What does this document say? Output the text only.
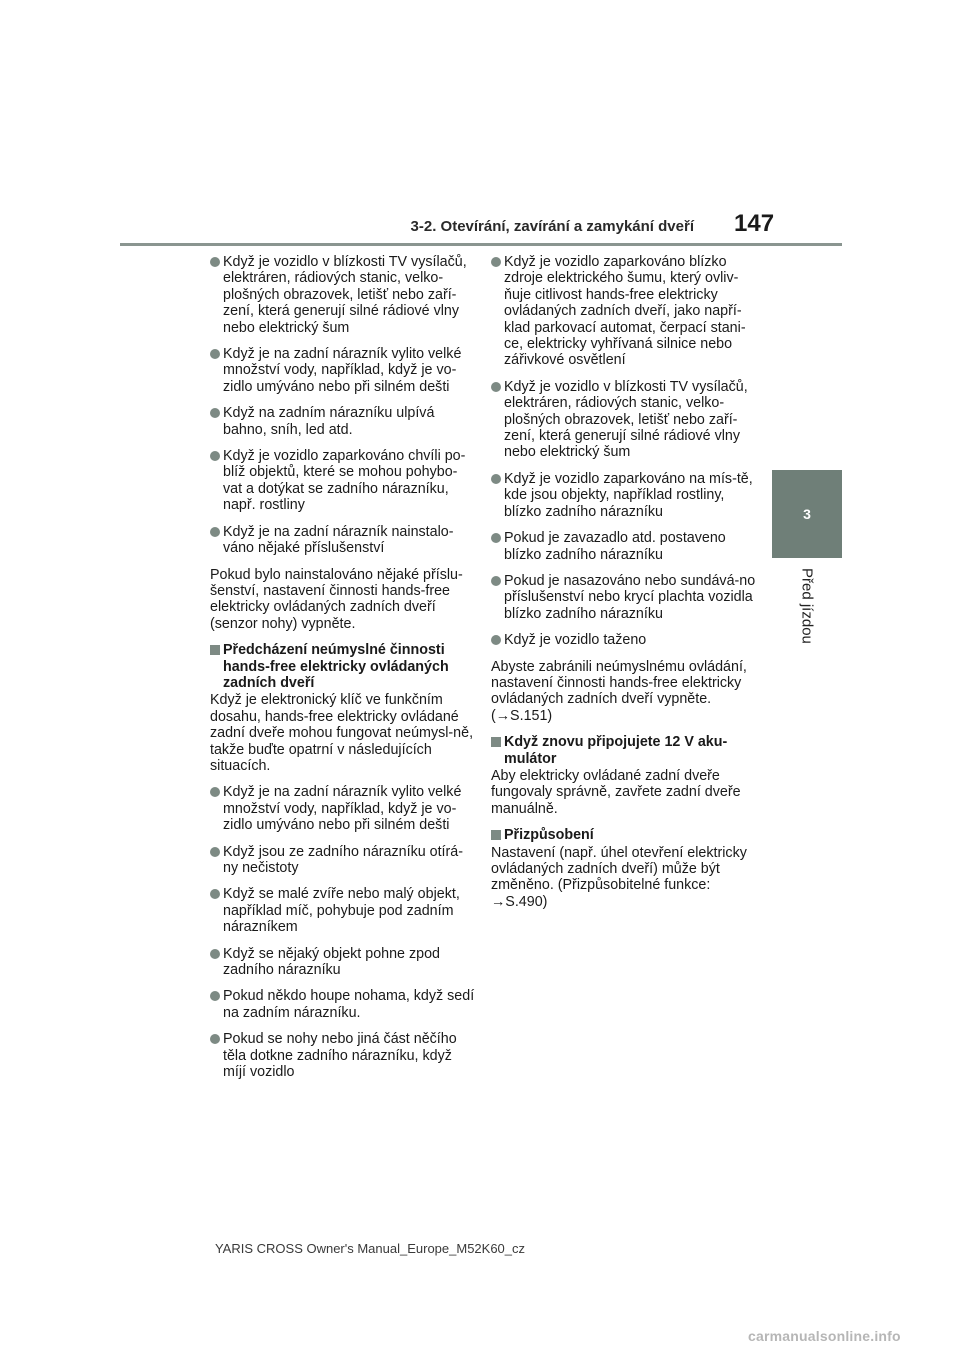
3-2. Otevírání, zavírání a zamykání dveří 147
3
Před jízdou
Když je vozidlo v blízkosti TV vysílačů, elektráren, rádiových stanic, velko-plošných obrazovek, letišť nebo zaří-zení, která generují silné rádiové vlny nebo elektrický šum
Když je na zadní nárazník vylito velké množství vody, například, když je vo-zidlo umýváno nebo při silném dešti
Když na zadním nárazníku ulpívá bahno, sníh, led atd.
Když je vozidlo zaparkováno chvíli po-blíž objektů, které se mohou pohybo-vat a dotýkat se zadního nárazníku, např. rostliny
Když je na zadní nárazník nainstalo-váno nějaké příslušenství
Pokud bylo nainstalováno nějaké příslu-šenství, nastavení činnosti hands-free elektricky ovládaných zadních dveří (senzor nohy) vypněte.
Předcházení neúmyslné činnosti hands-free elektricky ovládaných zadních dveří
Když je elektronický klíč ve funkčním dosahu, hands-free elektricky ovládané zadní dveře mohou fungovat neúmysl-ně, takže buďte opatrní v následujících situacích.
Když je na zadní nárazník vylito velké množství vody, například, když je vo-zidlo umýváno nebo při silném dešti
Když jsou ze zadního nárazníku otírá-ny nečistoty
Když se malé zvíře nebo malý objekt, například míč, pohybuje pod zadním nárazníkem
Když se nějaký objekt pohne zpod zadního nárazníku
Pokud někdo houpe nohama, když sedí na zadním nárazníku.
Pokud se nohy nebo jiná část něčího těla dotkne zadního nárazníku, když míjí vozidlo
Když je vozidlo zaparkováno blízko zdroje elektrického šumu, který ovliv-ňuje citlivost hands-free elektricky ovládaných zadních dveří, jako napří-klad parkovací automat, čerpací stani-ce, elektricky vyhřívaná silnice nebo zářivkové osvětlení
Když je vozidlo v blízkosti TV vysílačů, elektráren, rádiových stanic, velko-plošných obrazovek, letišť nebo zaří-zení, která generují silné rádiové vlny nebo elektrický šum
Když je vozidlo zaparkováno na mís-tě, kde jsou objekty, například rostliny, blízko zadního nárazníku
Pokud je zavazadlo atd. postaveno blízko zadního nárazníku
Pokud je nasazováno nebo sundává-no příslušenství nebo krycí plachta vozidla blízko zadního nárazníku
Když je vozidlo taženo
Abyste zabránili neúmyslnému ovládání, nastavení činnosti hands-free elektricky ovládaných zadních dveří vypněte. (→S.151)
Když znovu připojujete 12 V aku-mulátor
Aby elektricky ovládané zadní dveře fungovaly správně, zavřete zadní dveře manuálně.
Přizpůsobení
Nastavení (např. úhel otevření elektricky ovládaných zadních dveří) může být změněno. (Přizpůsobitelné funkce: →S.490)
YARIS CROSS Owner's Manual_Europe_M52K60_cz
carmanualsonline.info
